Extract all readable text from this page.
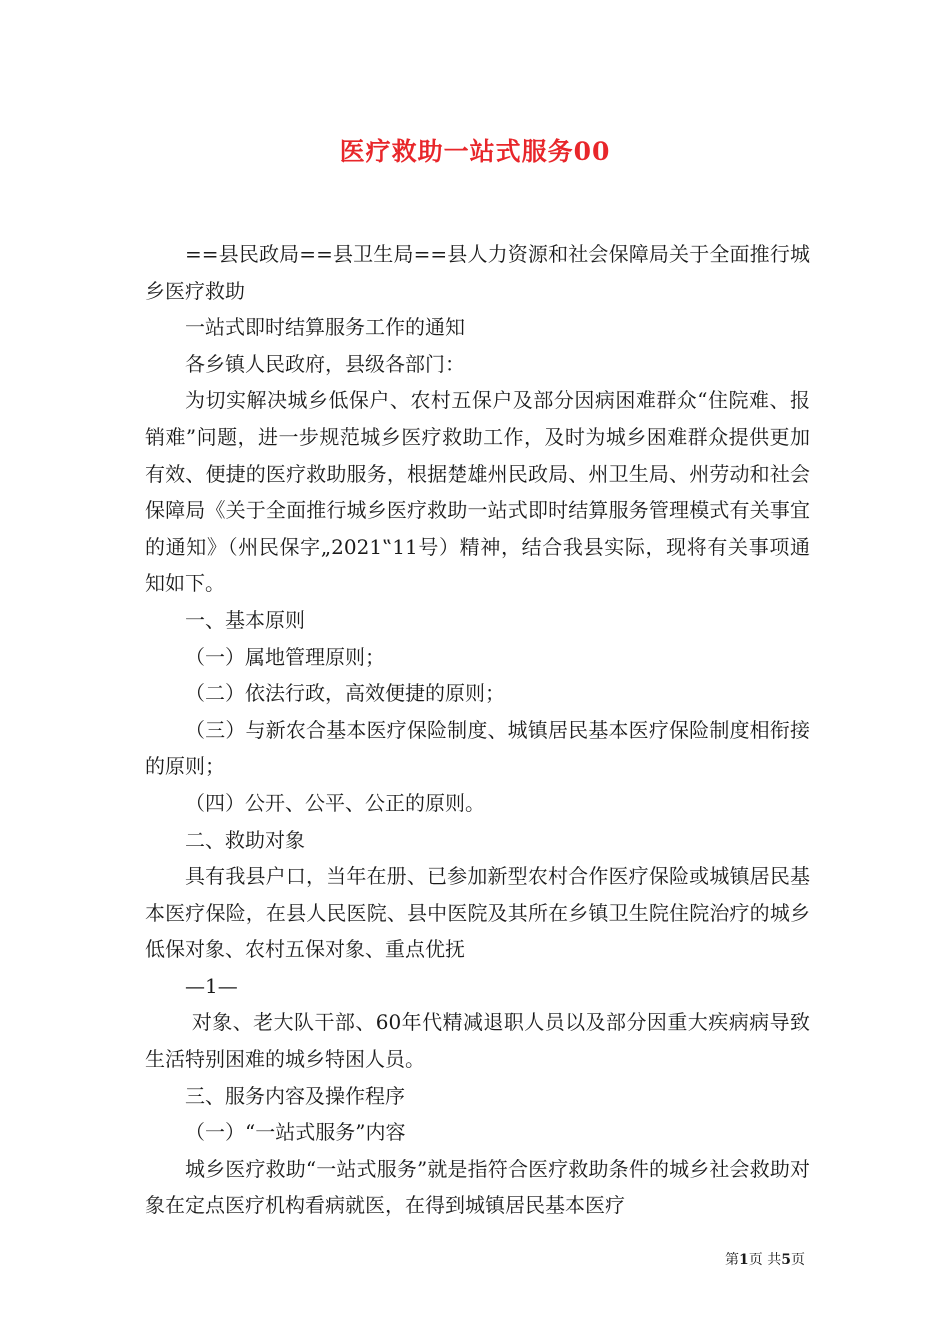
医疗救助一站式服务00

==县民政局==县卫生局==县人力资源和社会保障局关于全面推行城乡医疗救助

一站式即时结算服务工作的通知

各乡镇人民政府，县级各部门：

为切实解决城乡低保户、农村五保户及部分因病困难群众“住院难、报销难”问题，进一步规范城乡医疗救助工作，及时为城乡困难群众提供更加有效、便捷的医疗救助服务，根据楚雄州民政局、州卫生局、州劳动和社会保障局《关于全面推行城乡医疗救助一站式即时结算服务管理模式有关事宜的通知》（州民保字„2021‟11号）精神，结合我县实际，现将有关事项通知如下。

一、基本原则

（一）属地管理原则；

（二）依法行政，高效便捷的原则；

（三）与新农合基本医疗保险制度、城镇居民基本医疗保险制度相衔接的原则；

（四）公开、公平、公正的原则。

二、救助对象

具有我县户口，当年在册、已参加新型农村合作医疗保险或城镇居民基本医疗保险，在县人民医院、县中医院及其所在乡镇卫生院住院治疗的城乡低保对象、农村五保对象、重点优抚

—1—

对象、老大队干部、60年代精减退职人员以及部分因重大疾病病导致生活特别困难的城乡特困人员。

三、服务内容及操作程序

（一）“一站式服务”内容

城乡医疗救助“一站式服务”就是指符合医疗救助条件的城乡社会救助对象在定点医疗机构看病就医，在得到城镇居民基本医疗

第1页 共5页
